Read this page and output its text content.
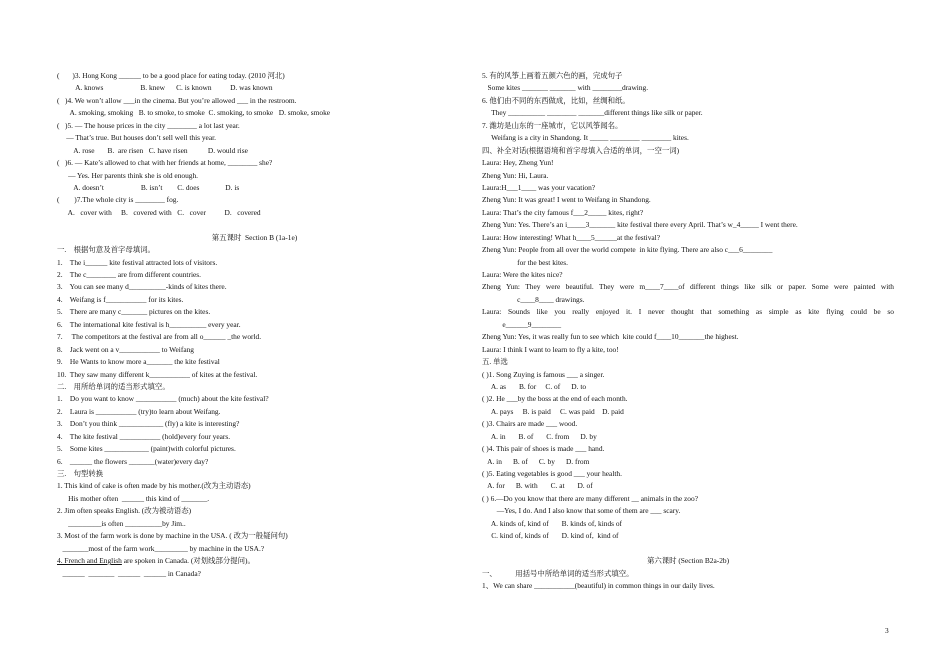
(       )3. Hong Kong ______ to be a good place for eating today. (2010 河北)
A. knows                    B. knew      C. is known          D. was known
(   )4. We won’t allow ___in the cinema. But you’re allowed ___ in the restroom.
A. smoking, smoking   B. to smoke, to smoke  C. smoking, to smoke   D. smoke, smoke
(   )5. — The house prices in the city ________ a lot last year.
— That’s true. But houses don’t sell well this year.
A. rose       B.  are risen   C. have risen           D. would rise
(   )6. — Kate’s allowed to chat with her friends at home, ________ she?
— Yes. Her parents think she is old enough.
A. doesn’t                    B. isn’t        C. does              D. is
(        )7.The whole city is ________ fog.
A.   cover with     B.   covered with   C.   cover          D.   covered
第五课时  Section B (1a-1e)
一.    根据句意及首字母填词。
1.    The i______ kite festival attracted lots of visitors.
2.    The c________ are from different countries.
3.    You can see many d__________-kinds of kites there.
4.    Weifang is f___________ for its kites.
5.    There are many c_______ pictures on the kites.
6.    The international kite festival is h__________ every year.
7.     The competitors at the festival are from all o______ _the world.
8.    Jack went on a v___________ to Weifang
9.    He Wants to know more a_______ the kite festival
10.  They saw many different k___________ of kites at the festival.
二.    用所给单词的适当形式填空。
1.    Do you want to know ___________ (much) about the kite festival?
2.    Laura is ___________ (try)to learn about Weifang.
3.    Don’t you think ____________ (fly) a kite is interesting?
4.    The kite festival ___________ (hold)every four years.
5.    Some kites ____________ (paint)with colorful pictures.
6.    ______ the flowers _______(water)every day?
三.    句型转换
1. This kind of cake is often made by his mother.(改为主动语态)
His mother often  ______ this kind of _______.
2. Jim often speaks English. (改为被动语态)
_________is often __________by Jim..
3. Most of the farm work is done by machine in the USA. ( 改为一般疑问句)
_______most of the farm work_________ by machine in the USA.?
4. French and English are spoken in Canada. (对划线部分提问)。
______  _______  ______  ______ in Canada?
5. 有的风筝上画着五颜六色的画，完成句子
Some kites _______ _______ with ________drawing.
6. 他们由不同的东西做成，比如，丝绸和纸。
They __________ ________ _______different things like silk or paper.
7. 潍坊是山东的一座城市，它以风筝闻名。
Weifang is a city in Shandong. It _____ ________ ________ kites.
四、补全对话(根据语境和首字母填入合适的单词，一空一词)
Laura: Hey, Zheng Yun!
Zheng Yun: Hi, Laura.
Laura:H___1____ was your vacation?
Zheng Yun: It was great! I went to Weifang in Shandong.
Laura: That’s the city famous f___2_____ kites, right?
Zheng Yun: Yes. There’s an i_____3_______ kite festival there every April. That’s w_4_____ I went there.
Laura: How interesting! What h____5______at the festival?
Zheng Yun: People from all over the world compete  in kite flying. There are also c___6________
for the best kites.
Laura: Were the kites nice?
Zheng Yun: They were beautiful. They were m____7____of different things like silk or paper. Some were painted with
c____8____ drawings.
Laura: Sounds like you really enjoyed it. I never thought that something as simple as kite flying could be so
e______9________
Zheng Yun: Yes, it was really fun to see which  kite could f____10_______the highest.
Laura: I think I want to learn to fly a kite, too!
五. 单选
( )1. Song Zuying is famous ___ a singer.
A. as       B. for     C. of      D. to
( )2. He ___by the boss at the end of each month.
A. pays     B. is paid     C. was paid    D. paid
( )3. Chairs are made ___ wood.
A. in       B. of       C. from      D. by
( )4. This pair of shoes is made ___ hand.
A. in      B. of      C. by      D. from
( )5. Eating vegetables is good ___ your health.
A. for      B. with       C. at       D. of
( ) 6.—Do you know that there are many different __ animals in the zoo?
—Yes, I do. And I also know that some of them are ___ scary.
A. kinds of, kind of       B. kinds of, kinds of
C. kind of, kinds of       D. kind of,  kind of
第六课时 (Section B2a-2b)
一、          用括号中所给单词的适当形式填空。
1、We can share ___________(beautiful) in common things in our daily lives.
3
